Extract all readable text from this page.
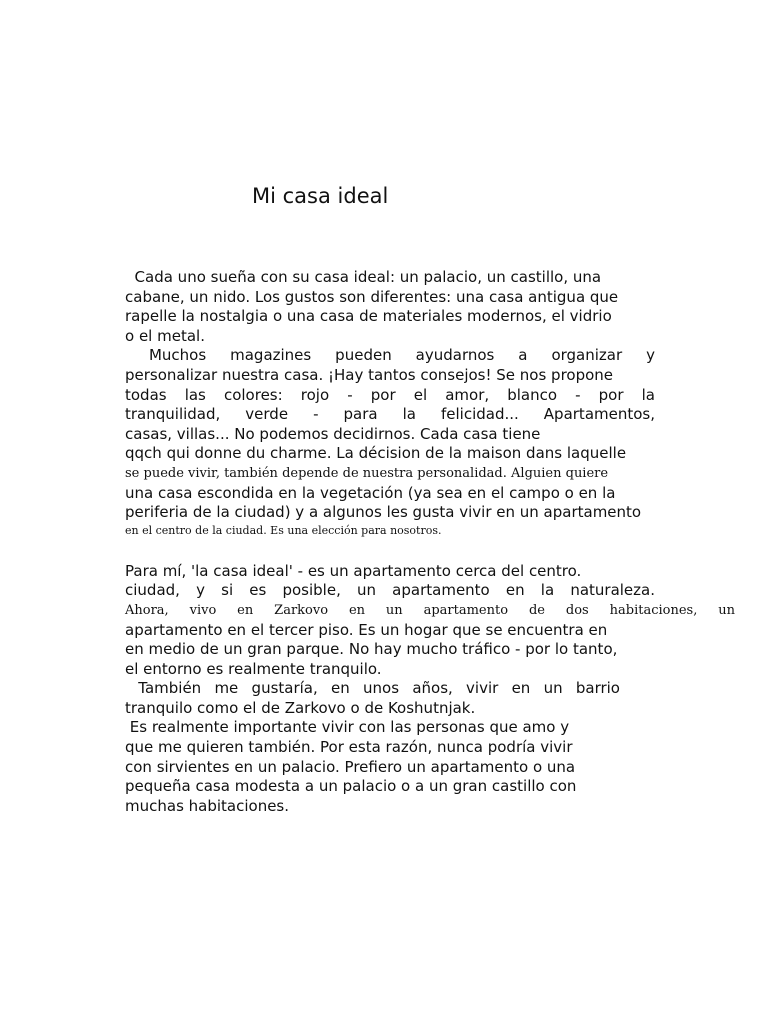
Mi casa ideal
Cada uno sueña con su casa ideal: un palacio, un castillo, una
cabane, un nido. Los gustos son diferentes: una casa antigua que
rapelle la nostalgia o una casa de materiales modernos, el vidrio
o el metal.
Muchos magazines pueden ayudarnos a organizar y
personalizar nuestra casa. ¡Hay tantos consejos! Se nos propone
todas las colores: rojo - por el amor, blanco - por la
tranquilidad, verde - para la felicidad... Apartamentos,
casas, villas... No podemos decidirnos. Cada casa tiene
qqch qui donne du charme. La décision de la maison dans laquelle
se puede vivir, también depende de nuestra personalidad. Alguien quiere
una casa escondida en la vegetación (ya sea en el campo o en la
periferia de la ciudad) y a algunos les gusta vivir en un apartamento
en el centro de la ciudad. Es una elección para nosotros.
Para mí, 'la casa ideal' - es un apartamento cerca del centro.
ciudad, y si es posible, un apartamento en la naturaleza.
Ahora, vivo en Zarkovo en un apartamento de dos habitaciones, un
apartamento en el tercer piso. Es un hogar que se encuentra en
en medio de un gran parque. No hay mucho tráfico - por lo tanto,
el entorno es realmente tranquilo.
También me gustaría, en unos años, vivir en un barrio
tranquilo como el de Zarkovo o de Koshutnjak.
Es realmente importante vivir con las personas que amo y
que me quieren también. Por esta razón, nunca podría vivir
con sirvientes en un palacio. Prefiero un apartamento o una
pequeña casa modesta a un palacio o a un gran castillo con
muchas habitaciones.
